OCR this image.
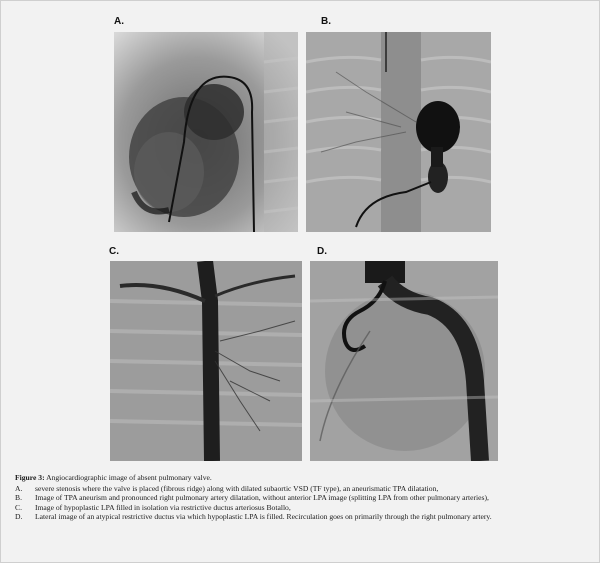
A.	B.
C.	D.
Figure 3: Angiocardiographic image of absent pulmonary valve.
A.	severe stenosis where the valve is placed (fibrous ridge) along with dilated subaortic VSD (TF type), an aneurismatic TPA dilatation,
B.	Image of TPA aneurism and pronounced right pulmonary artery dilatation, without anterior LPA image (splitting LPA from other pulmonary arteries),
C.	Image of hypoplastic LPA filled in isolation via restrictive ductus arteriosus Botallo,
D.	Lateral image of an atypical restrictive ductus via which hypoplastic LPA is filled. Recirculation goes on primarily through the right pulmonary artery.
